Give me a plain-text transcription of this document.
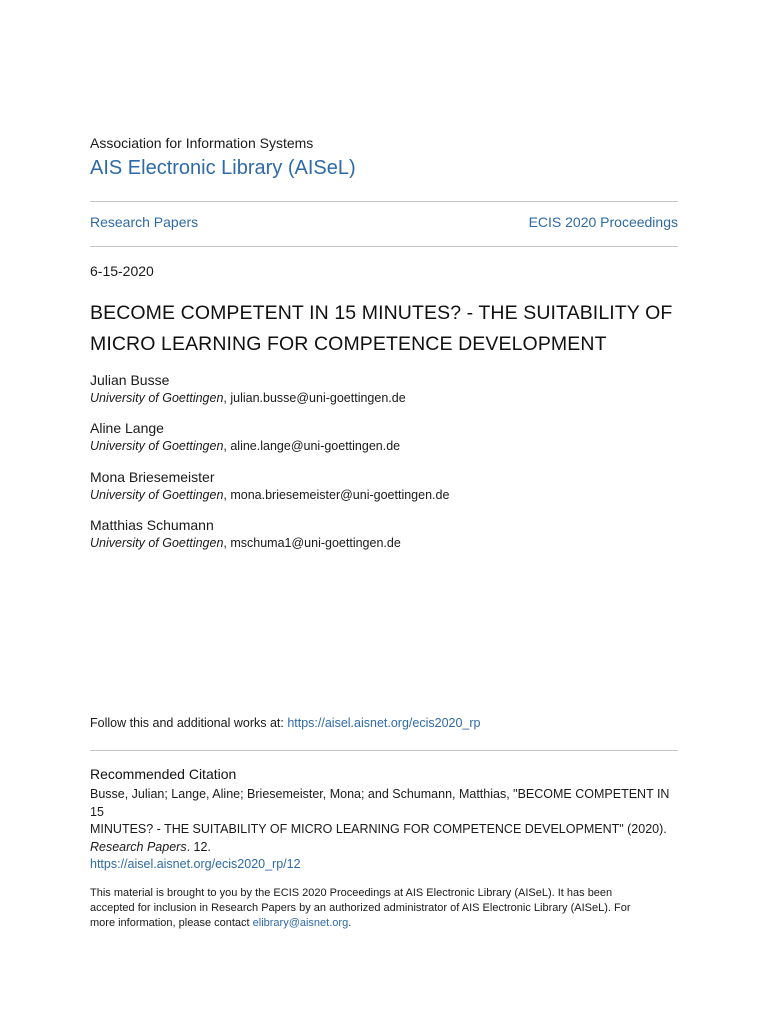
Association for Information Systems
AIS Electronic Library (AISeL)
Research Papers	ECIS 2020 Proceedings
6-15-2020
BECOME COMPETENT IN 15 MINUTES? - THE SUITABILITY OF MICRO LEARNING FOR COMPETENCE DEVELOPMENT
Julian Busse
University of Goettingen, julian.busse@uni-goettingen.de
Aline Lange
University of Goettingen, aline.lange@uni-goettingen.de
Mona Briesemeister
University of Goettingen, mona.briesemeister@uni-goettingen.de
Matthias Schumann
University of Goettingen, mschuma1@uni-goettingen.de
Follow this and additional works at: https://aisel.aisnet.org/ecis2020_rp
Recommended Citation
Busse, Julian; Lange, Aline; Briesemeister, Mona; and Schumann, Matthias, "BECOME COMPETENT IN 15
MINUTES? - THE SUITABILITY OF MICRO LEARNING FOR COMPETENCE DEVELOPMENT" (2020).
Research Papers. 12.
https://aisel.aisnet.org/ecis2020_rp/12
This material is brought to you by the ECIS 2020 Proceedings at AIS Electronic Library (AISeL). It has been accepted for inclusion in Research Papers by an authorized administrator of AIS Electronic Library (AISeL). For more information, please contact elibrary@aisnet.org.
